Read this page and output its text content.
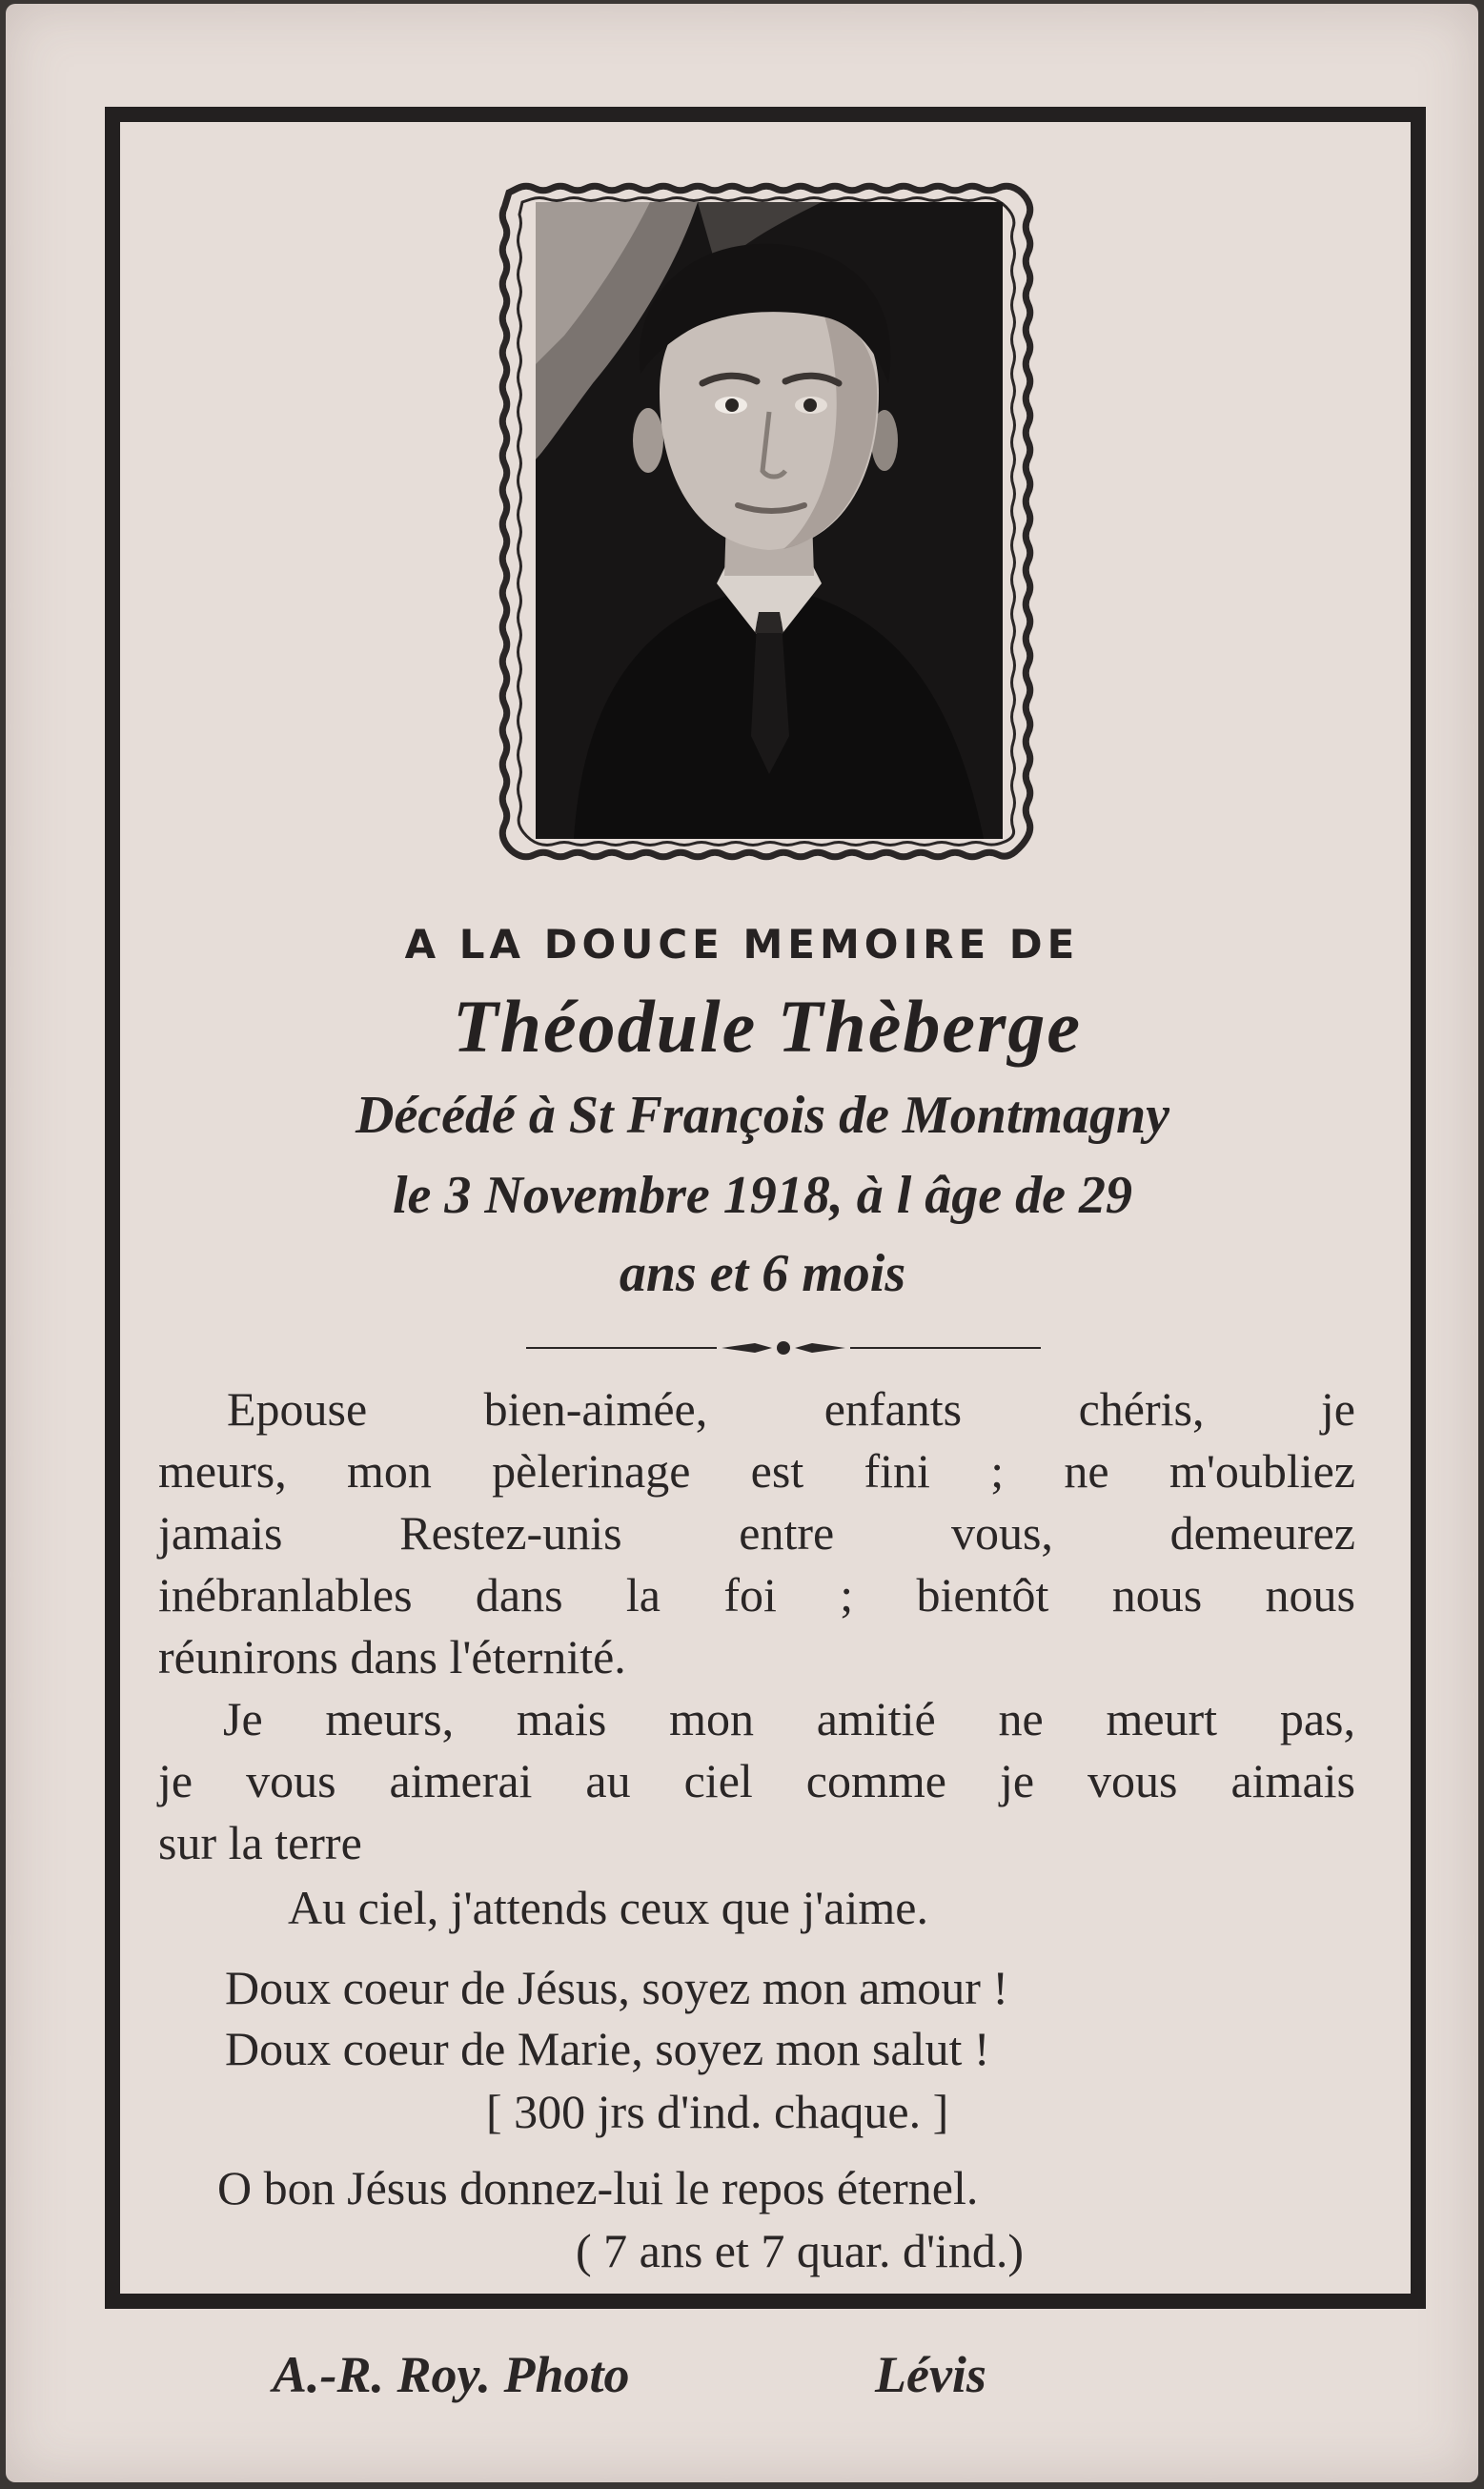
A LA DOUCE MEMOIRE DE
Théodule Thèberge
Décédé à St François de Montmagny
le 3 Novembre 1918, à l âge de 29
ans et 6 mois
Epouse bien-aimée, enfants chéris, je
meurs, mon pèlerinage est fini ; ne m'oubliez
jamais Restez-unis entre vous, demeurez
inébranlables dans la foi ; bientôt nous nous
réunirons dans l'éternité.
Je meurs, mais mon amitié ne meurt pas,
je vous aimerai au ciel comme je vous aimais
sur la terre
Au ciel, j'attends ceux que j'aime.
Doux coeur de Jésus, soyez mon amour !
Doux coeur de Marie, soyez mon salut !
[ 300 jrs d'ind. chaque. ]
O bon Jésus donnez-lui le repos éternel.
( 7 ans et 7 quar. d'ind.)
A.-R. Roy. Photo	Lévis
